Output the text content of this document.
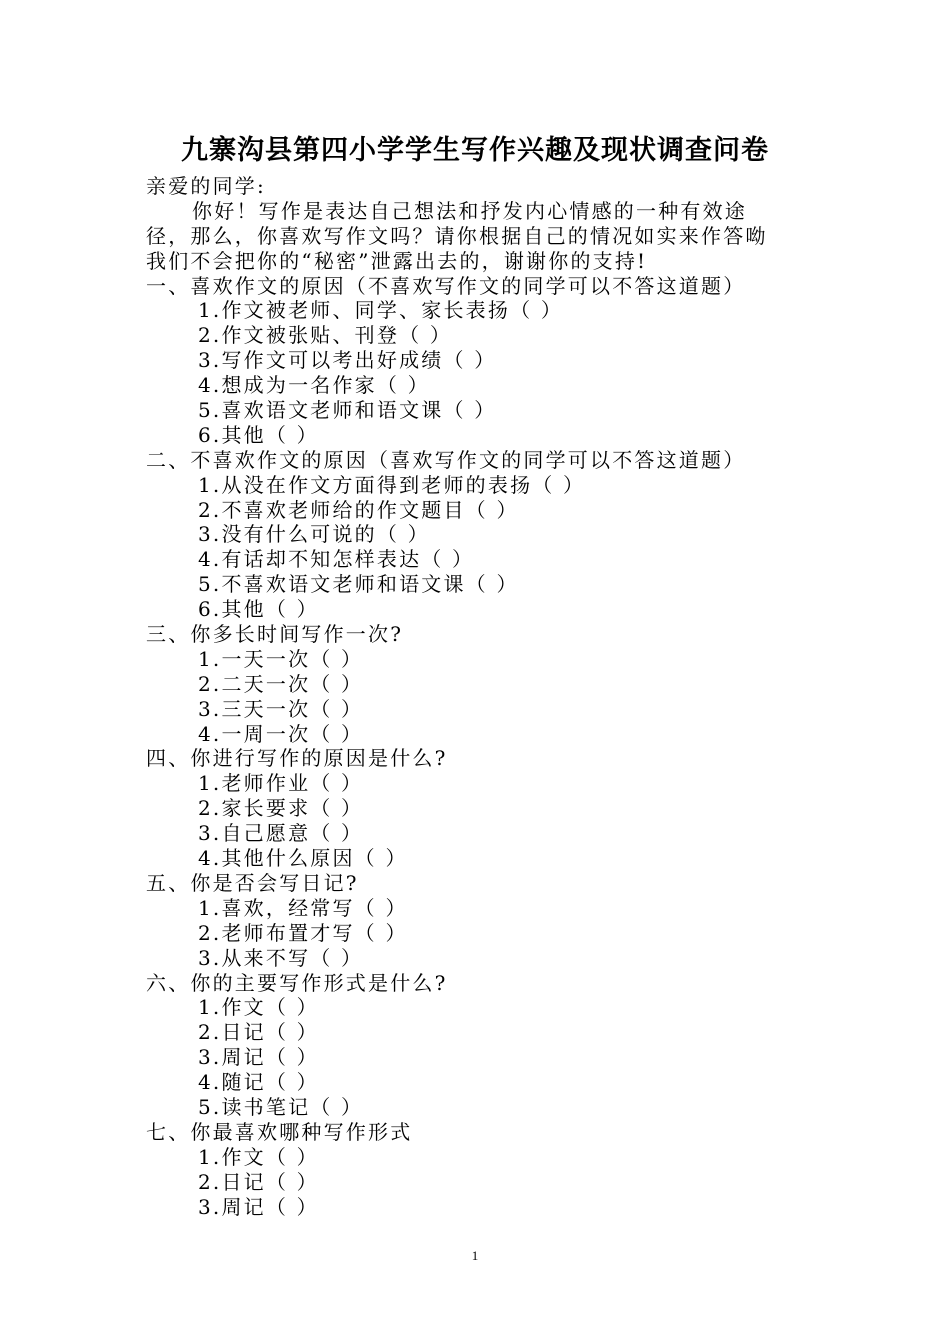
九寨沟县第四小学学生写作兴趣及现状调查问卷
亲爱的同学:
你好！写作是表达自己想法和抒发内心情感的一种有效途
径，那么，你喜欢写作文吗？请你根据自己的情况如实来作答呦
我们不会把你的“秘密”泄露出去的，谢谢你的支持!
一、喜欢作文的原因（不喜欢写作文的同学可以不答这道题）
1.作文被老师、同学、家长表扬（ ）
2.作文被张贴、刊登（ ）
3.写作文可以考出好成绩（ ）
4.想成为一名作家（ ）
5.喜欢语文老师和语文课（ ）
6.其他（ ）
二、不喜欢作文的原因（喜欢写作文的同学可以不答这道题）
1.从没在作文方面得到老师的表扬（ ）
2.不喜欢老师给的作文题目（ ）
3.没有什么可说的（ ）
4.有话却不知怎样表达（ ）
5.不喜欢语文老师和语文课（ ）
6.其他（ ）
三、你多长时间写作一次?
1.一天一次（ ）
2.二天一次（ ）
3.三天一次（ ）
4.一周一次（ ）
四、你进行写作的原因是什么?
1.老师作业（ ）
2.家长要求（ ）
3.自己愿意（ ）
4.其他什么原因（ ）
五、你是否会写日记?
1.喜欢，经常写（ ）
2.老师布置才写（ ）
3.从来不写（ ）
六、你的主要写作形式是什么?
1.作文（ ）
2.日记（ ）
3.周记（ ）
4.随记（ ）
5.读书笔记（ ）
七、你最喜欢哪种写作形式
1.作文（ ）
2.日记（ ）
3.周记（ ）
1
